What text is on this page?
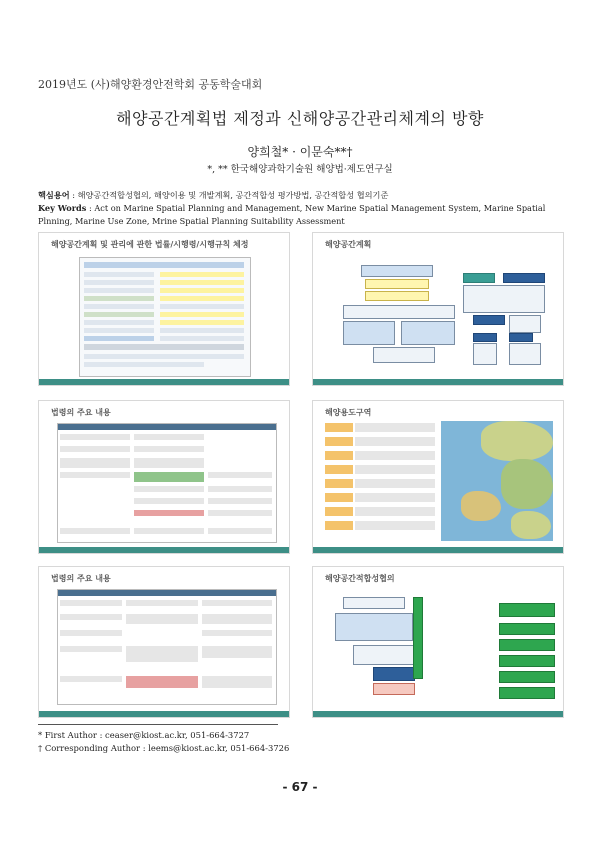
2019년도 (사)해양환경안전학회 공동학술대회
해양공간계획법 제정과 신해양공간관리체계의 방향
양희철* · 이문숙**†
*, ** 한국해양과학기술원 해양법·제도연구실
핵심용어 : 해양공간적합성협의, 해양이용 및 개발계획, 공간적합성 평가방법, 공간적합성 협의기준
Key Words : Act on Marine Spatial Planning and Management, New Marine Spatial Management System, Marine Spatial Plnning, Marine Use Zone, Mrine Spatial Planning Suitability Assessment
해양공간계획 및 관리에 관한 법률/시행령/시행규칙 체정	해양공간계획
법령의 주요 내용	해양용도구역
법령의 주요 내용	해양공간적합성협의
* First Author : ceaser@kiost.ac.kr, 051-664-3727
† Corresponding Author : leems@kiost.ac.kr, 051-664-3726
- 67 -
